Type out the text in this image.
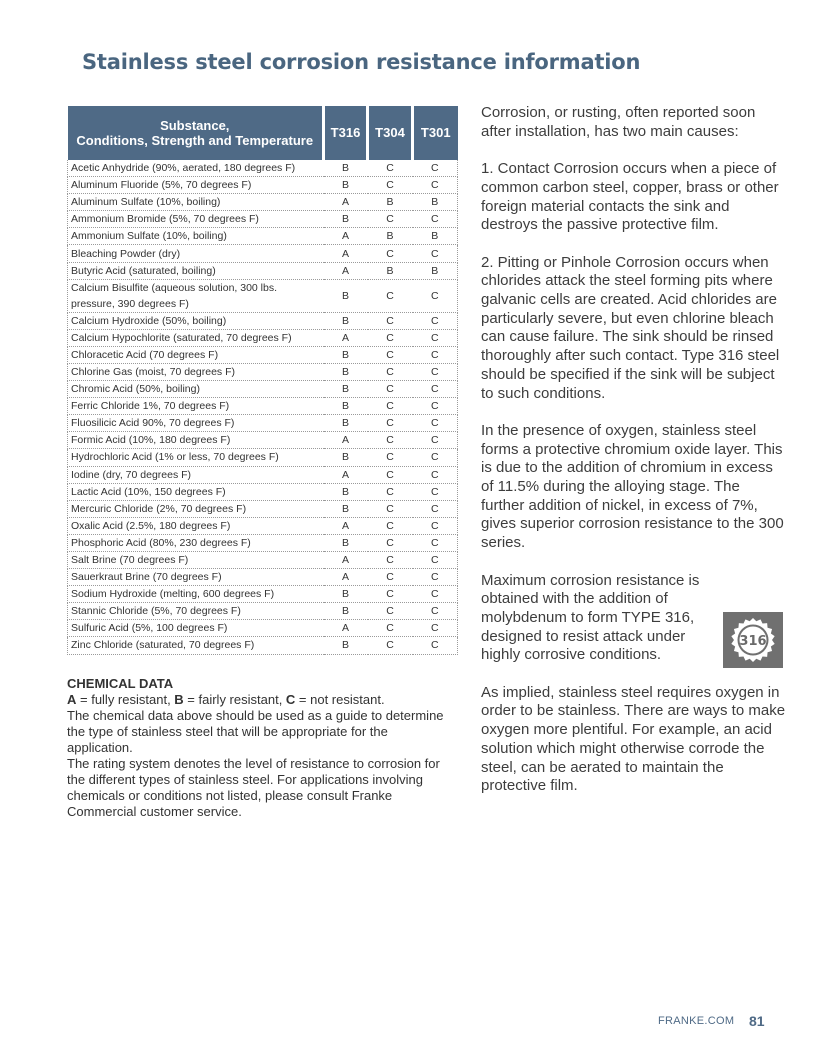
Stainless steel corrosion resistance information
Substance,
Conditions, Strength and Temperature	T316	T304	T301
Acetic Anhydride (90%, aerated, 180 degrees F)	B	C	C
Aluminum Fluoride (5%, 70 degrees F)	B	C	C
Aluminum Sulfate (10%, boiling)	A	B	B
Ammonium Bromide (5%, 70 degrees F)	B	C	C
Ammonium Sulfate (10%, boiling)	A	B	B
Bleaching Powder (dry)	A	C	C
Butyric Acid (saturated, boiling)	A	B	B
Calcium Bisulfite (aqueous solution, 300 lbs. pressure, 390 degrees F)	B	C	C
Calcium Hydroxide (50%, boiling)	B	C	C
Calcium Hypochlorite (saturated, 70 degrees F)	A	C	C
Chloracetic Acid (70 degrees F)	B	C	C
Chlorine Gas (moist, 70 degrees F)	B	C	C
Chromic Acid (50%, boiling)	B	C	C
Ferric Chloride 1%, 70 degrees F)	B	C	C
Fluosilicic Acid 90%, 70 degrees F)	B	C	C
Formic Acid (10%, 180 degrees F)	A	C	C
Hydrochloric Acid (1% or less, 70 degrees F)	B	C	C
Iodine (dry, 70 degrees F)	A	C	C
Lactic Acid (10%, 150 degrees F)	B	C	C
Mercuric Chloride (2%, 70 degrees F)	B	C	C
Oxalic Acid (2.5%, 180 degrees F)	A	C	C
Phosphoric Acid (80%, 230 degrees F)	B	C	C
Salt Brine (70 degrees F)	A	C	C
Sauerkraut Brine (70 degrees F)	A	C	C
Sodium Hydroxide (melting, 600 degrees F)	B	C	C
Stannic Chloride (5%, 70 degrees F)	B	C	C
Sulfuric Acid (5%, 100 degrees F)	A	C	C
Zinc Chloride (saturated, 70 degrees F)	B	C	C

CHEMICAL DATA

A = fully resistant, B = fairly resistant, C = not resistant.

The chemical data above should be used as a guide to determine the type of stainless steel that will be appropriate for the application.

The rating system denotes the level of resistance to corrosion for the different types of stainless steel. For applications involving chemicals or conditions not listed, please consult Franke Commercial customer service.

Corrosion, or rusting, often reported soon after installation, has two main causes:

1. Contact Corrosion occurs when a piece of common carbon steel, copper, brass or other foreign material contacts the sink and destroys the passive protective film.

2. Pitting or Pinhole Corrosion occurs when chlorides attack the steel forming pits where galvanic cells are created. Acid chlorides are particularly severe, but even chlorine bleach can cause failure. The sink should be rinsed thoroughly after such contact. Type 316 steel should be specified if the sink will be subject to such conditions.

In the presence of oxygen, stainless steel forms a protective chromium oxide layer. This is due to the addition of chromium in excess of 11.5% during the alloying stage. The further addition of nickel, in excess of 7%, gives superior corrosion resistance to the 300 series.

Maximum corrosion resistance is
obtained with the addition of
molybdenum to form TYPE 316,
designed to resist attack under
highly corrosive conditions.

As implied, stainless steel requires oxygen in order to be stainless. There are ways to make oxygen more plentiful. For example, an acid solution which might otherwise corrode the steel, can be aerated to maintain the protective film.

316
FRANKE.COM 81
